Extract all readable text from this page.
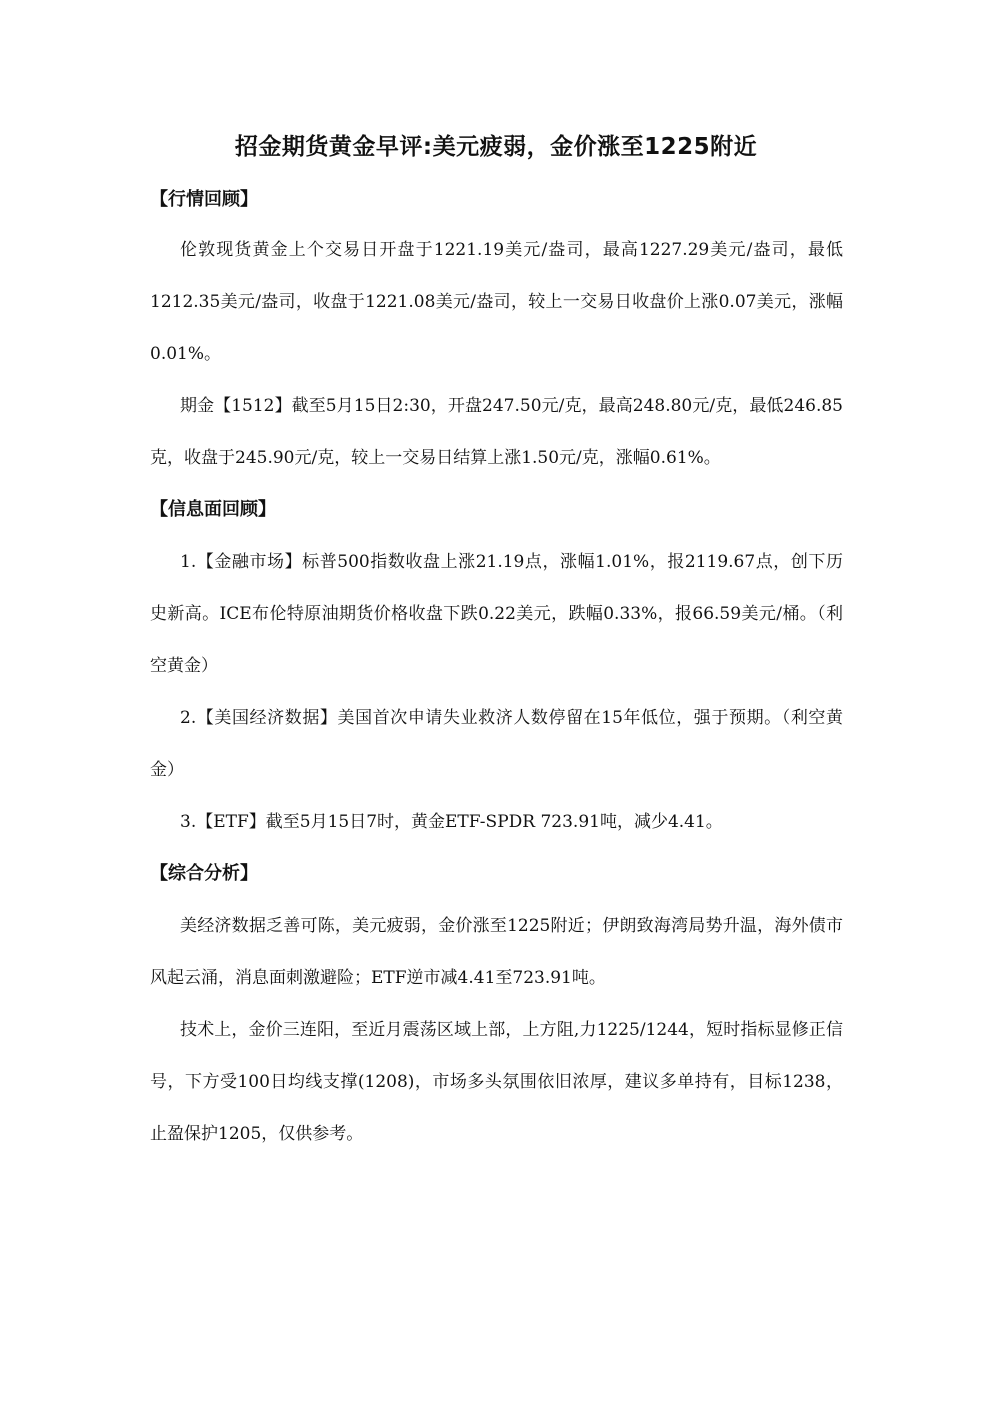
招金期货黄金早评:美元疲弱，金价涨至1225附近
【行情回顾】
伦敦现货黄金上个交易日开盘于1221.19美元/盎司，最高1227.29美元/盎司，最低1212.35美元/盎司，收盘于1221.08美元/盎司，较上一交易日收盘价上涨0.07美元，涨幅0.01%。
期金【1512】截至5月15日2:30，开盘247.50元/克，最高248.80元/克，最低246.85克，收盘于245.90元/克，较上一交易日结算上涨1.50元/克，涨幅0.61%。
【信息面回顾】
1.【金融市场】标普500指数收盘上涨21.19点，涨幅1.01%，报2119.67点，创下历史新高。ICE布伦特原油期货价格收盘下跌0.22美元，跌幅0.33%，报66.59美元/桶。（利空黄金）
2.【美国经济数据】美国首次申请失业救济人数停留在15年低位，强于预期。（利空黄金）
3.【ETF】截至5月15日7时，黄金ETF-SPDR 723.91吨，减少4.41。
【综合分析】
美经济数据乏善可陈，美元疲弱，金价涨至1225附近；伊朗致海湾局势升温，海外债市风起云涌，消息面刺激避险；ETF逆市减4.41至723.91吨。
技术上，金价三连阳，至近月震荡区域上部，上方阻,力1225/1244，短时指标显修正信号，下方受100日均线支撑(1208)，市场多头氛围依旧浓厚，建议多单持有，目标1238，止盈保护1205，仅供参考。
